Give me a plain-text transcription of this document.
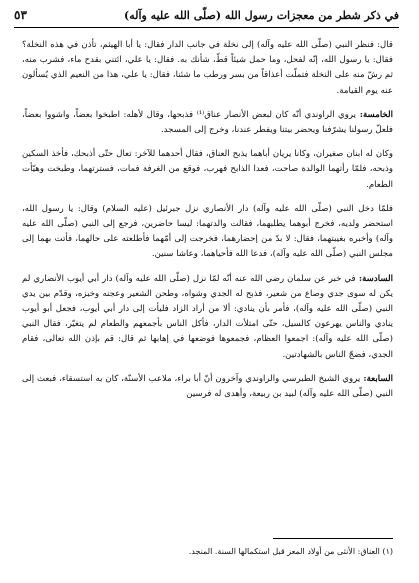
في ذكر شطر من معجزات رسول الله (صلّى الله عليه وآله)
٥٣

قال: فنظر النبي (صلّى الله عليه وآله) إلى نخلة في جانب الدار فقال: يا أبا الهيثم، تأذن في هذه النخلة؟ فقال: يا رسول الله، إنّه لفحل، وما حمل شيئاً قطّ، شأنك به. فقال: يا علي، ائتني بقدح ماء، فشرب منه، ثم رشّ منه على النخلة فتملّت أعذاقاً من بسر ورطب ما شئنا، فقال: يا علي، هذا من النعيم الذي يُسألون عنه يوم القيامة.

الخامسة: يروي الراوندي أنّه كان لبعض الأنصار عناق⁽¹⁾ فذبحها، وقال لأهله: اطبخوا بعضاً، واشووا بعضاً، فلعلّ رسولنا يشرّفنا ويحضر بيتنا ويفطر عندنا، وخرج إلى المسجد.

وكان له ابنان صغيران، وكانا يريان أباهما يذبح العناق، فقال أحدهما للآخر: تعال حتّى أذبحك، فأخذ السكين وذبحه، فلمّا رأتهما الوالدة صاحت، فعدا الذابح فهرب، فوقع من الغرفة فمات، فسترتهما، وطبخت وهيّأت الطعام.

فلمّا دخل النبي (صلّى الله عليه وآله) دار الأنصاري نزل جبرئيل (عليه السلام) وقال: يا رسول الله، استحضر ولديه، فخرج أبوهما يطلبهما، فقالت والدتهما: ليسا حاضرين، فرجع إلى النبي (صلّى الله عليه وآله) وأخبره بغيبتهما، فقال: لا بدّ من إحضارهما، فخرجت إلى أمّهما فأطلعته على حالهما، فأتت بهما إلى مجلس النبي (صلّى الله عليه وآله)، فدعا الله فأحياهما، وعاشا سنين.

السادسة: في خبر عن سلمان رضي الله عنه أنّه لمّا نزل (صلّى الله عليه وآله) دار أبي أيوب الأنصاري لم يكن له سوى جدي وصاع من شعير، فذبح له الجدي وشواه، وطحن الشعير وعجنه وخبزه، وقدّم بين يدي النبي (صلّى الله عليه وآله)، فأمر بأن ينادي: ألا من أراد الزاد فليأت إلى دار أبي أيوب، فجعل أبو أيوب ينادي والناس يهرعون كالسيل، حتّى امتلأت الدار، فأكل الناس بأجمعهم والطعام لم يتغيّر، فقال النبي (صلّى الله عليه وآله): اجمعوا العظام، فجمعوها فوضعها في إهابها ثم قال: قم بإذن الله تعالى، فقام الجدي، فضجّ الناس بالشهادتين.

السابعة: يروي الشيخ الطبرسي والراوندي وآخرون أنّ أبا براء، ملاعب الأسنّة، كان به استسقاء، فبعث إلى النبي (صلّى الله عليه وآله) لبيد بن ربيعة، وأهدى له فرسين

(١) العناق: الأنثى من أولاد المعز قبل استكمالها السنة. المنجد.
